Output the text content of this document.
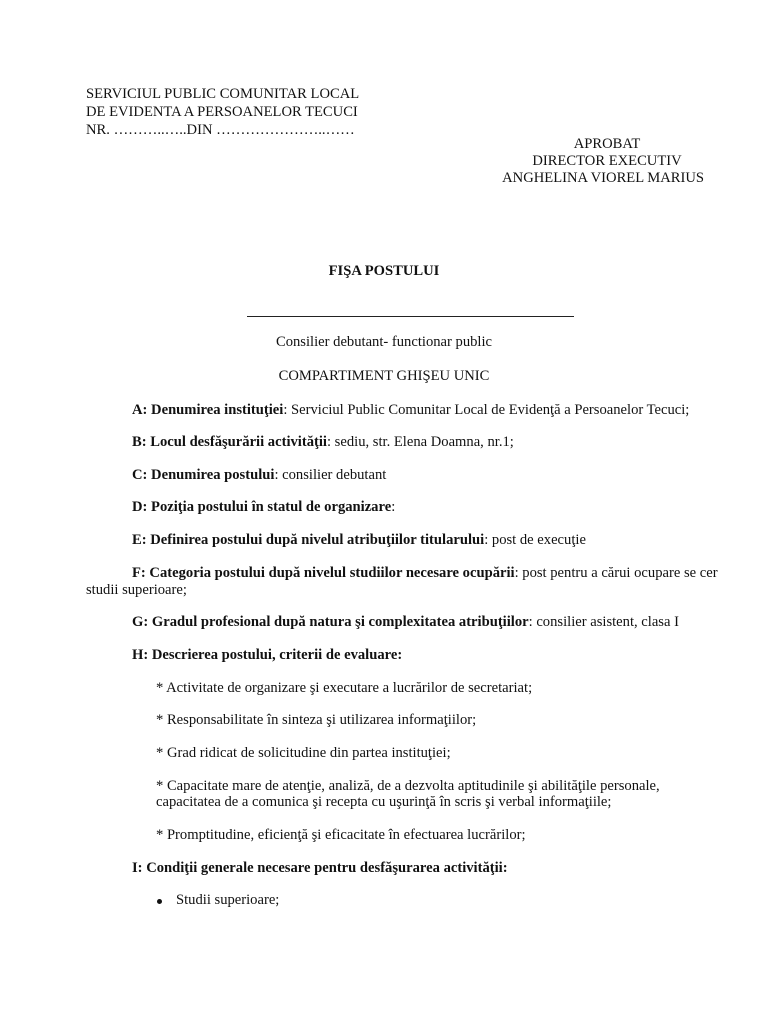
SERVICIUL PUBLIC COMUNITAR LOCAL
DE EVIDENTA A PERSOANELOR TECUCI
NR. ………..…..DIN …………………..……
APROBAT
DIRECTOR EXECUTIV
ANGHELINA VIOREL MARIUS
FIŞA POSTULUI
Consilier debutant- functionar public
COMPARTIMENT GHIŞEU UNIC
A: Denumirea instituţiei: Serviciul Public Comunitar Local de Evidenţă a Persoanelor Tecuci;
B: Locul desfăşurării activităţii: sediu, str. Elena Doamna, nr.1;
C: Denumirea postului: consilier debutant
D: Poziţia postului în statul de organizare:
E: Definirea postului după nivelul atribuţiilor titularului: post de execuţie
F: Categoria postului după nivelul studiilor necesare ocupării: post pentru a cărui ocupare se cer studii superioare;
G: Gradul profesional după natura şi complexitatea atribuţiilor: consilier asistent, clasa I
H: Descrierea postului, criterii de evaluare:
* Activitate de organizare şi executare a lucrărilor de secretariat;
* Responsabilitate în sinteza şi utilizarea informaţiilor;
* Grad ridicat de solicitudine din partea instituţiei;
* Capacitate mare de atenţie, analiză, de a dezvolta aptitudinile şi abilităţile personale,
capacitatea de a comunica şi recepta cu uşurinţă în scris şi verbal informaţiile;
* Promptitudine, eficienţă şi eficacitate în efectuarea lucrărilor;
I: Condiţii generale necesare pentru desfăşurarea activităţii:
Studii superioare;
